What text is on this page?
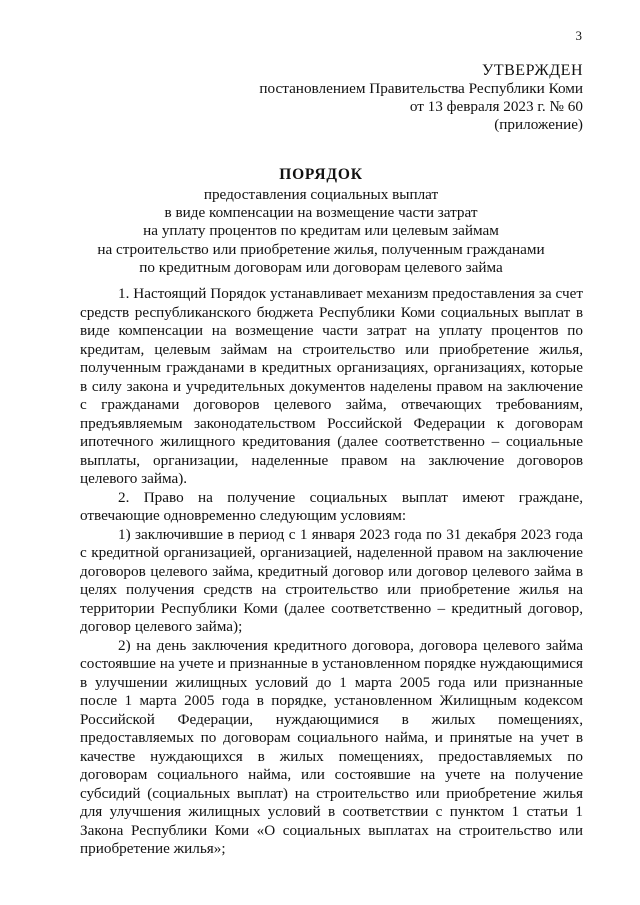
3
УТВЕРЖДЕН
постановлением Правительства Республики Коми
от 13 февраля 2023 г. № 60
(приложение)
ПОРЯДОК
предоставления социальных выплат
в виде компенсации на возмещение части затрат
на уплату процентов по кредитам или целевым займам
на строительство или приобретение жилья, полученным гражданами
по кредитным договорам или договорам целевого займа

1. Настоящий Порядок устанавливает механизм предоставления за счет средств республиканского бюджета Республики Коми социальных выплат в виде компенсации на возмещение части затрат на уплату процентов по кредитам, целевым займам на строительство или приобретение жилья, полученным гражданами в кредитных организациях, организациях, которые в силу закона и учредительных документов наделены правом на заключение с гражданами договоров целевого займа, отвечающих требованиям, предъявляемым законодательством Российской Федерации к договорам ипотечного жилищного кредитования (далее соответственно – социальные выплаты, организации, наделенные правом на заключение договоров целевого займа).

2. Право на получение социальных выплат имеют граждане, отвечающие одновременно следующим условиям:

1) заключившие в период с 1 января 2023 года по 31 декабря 2023 года с кредитной организацией, организацией, наделенной правом на заключение договоров целевого займа, кредитный договор или договор целевого займа в целях получения средств на строительство или приобретение жилья на территории Республики Коми (далее соответственно – кредитный договор, договор целевого займа);

2) на день заключения кредитного договора, договора целевого займа состоявшие на учете и признанные в установленном порядке нуждающимися в улучшении жилищных условий до 1 марта 2005 года или признанные после 1 марта 2005 года в порядке, установленном Жилищным кодексом Российской Федерации, нуждающимися в жилых помещениях, предоставляемых по договорам социального найма, и принятые на учет в качестве нуждающихся в жилых помещениях, предоставляемых по договорам социального найма, или состоявшие на учете на получение субсидий (социальных выплат) на строительство или приобретение жилья для улучшения жилищных условий в соответствии с пунктом 1 статьи 1 Закона Республики Коми «О социальных выплатах на строительство или приобретение жилья»;
